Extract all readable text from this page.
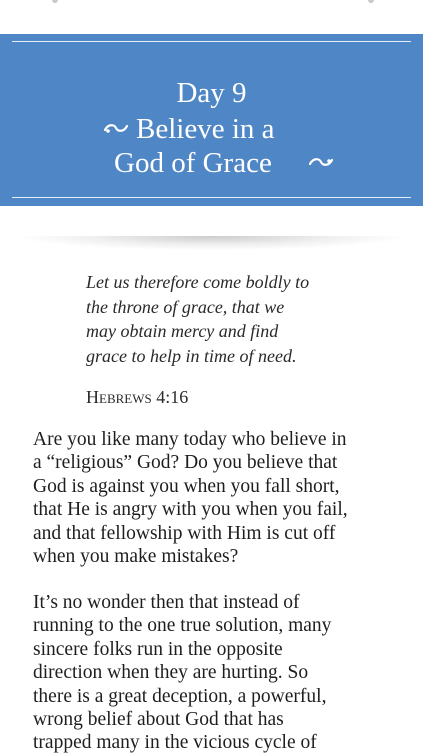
Day 9
Believe in a
God of Grace
Let us therefore come boldly to
the throne of grace, that we
may obtain mercy and find
grace to help in time of need.
Hebrews 4:16
Are you like many today who believe in
a “religious” God? Do you believe that
God is against you when you fall short,
that He is angry with you when you fail,
and that fellowship with Him is cut off
when you make mistakes?
It’s no wonder then that instead of
running to the one true solution, many
sincere folks run in the opposite
direction when they are hurting. So
there is a great deception, a powerful,
wrong belief about God that has
trapped many in the vicious cycle of
